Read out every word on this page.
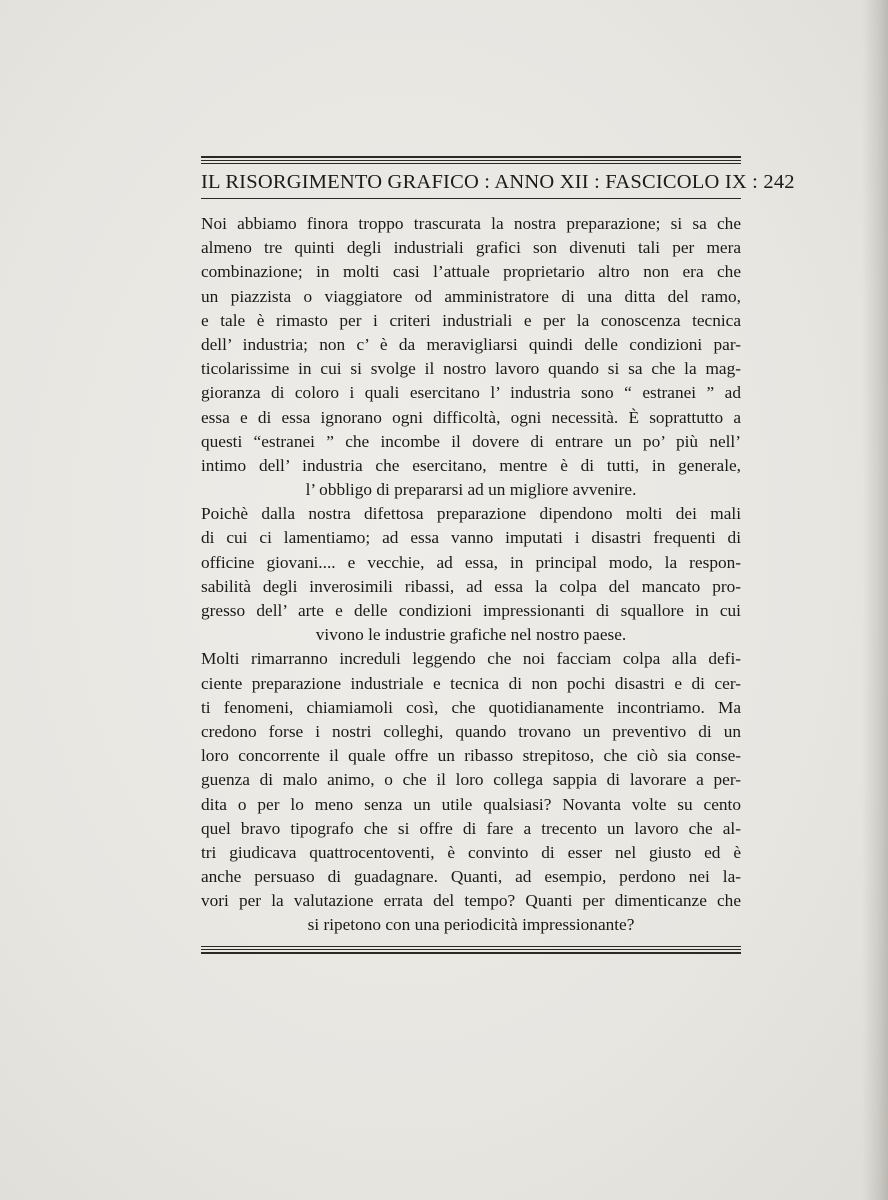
IL RISORGIMENTO GRAFICO : ANNO XII : FASCICOLO IX : 242
Noi abbiamo finora troppo trascurata la nostra preparazione; si sa che
almeno tre quinti degli industriali grafici son divenuti tali per mera
combinazione; in molti casi l’attuale proprietario altro non era che
un piazzista o viaggiatore od amministratore di una ditta del ramo,
e tale è rimasto per i criteri industriali e per la conoscenza tecnica
dell’ industria; non c’ è da meravigliarsi quindi delle condizioni par-
ticolarissime in cui si svolge il nostro lavoro quando si sa che la mag-
gioranza di coloro i quali esercitano l’ industria sono “ estranei ” ad
essa e di essa ignorano ogni difficoltà, ogni necessità. È soprattutto a
questi “estranei ” che incombe il dovere di entrare un po’ più nell’
intimo dell’ industria che esercitano, mentre è di tutti, in generale,
l’ obbligo di prepararsi ad un migliore avvenire.
Poichè dalla nostra difettosa preparazione dipendono molti dei mali
di cui ci lamentiamo; ad essa vanno imputati i disastri frequenti di
officine giovani.... e vecchie, ad essa, in principal modo, la respon-
sabilità degli inverosimili ribassi, ad essa la colpa del mancato pro-
gresso dell’ arte e delle condizioni impressionanti di squallore in cui
vivono le industrie grafiche nel nostro paese.
Molti rimarranno increduli leggendo che noi facciam colpa alla defi-
ciente preparazione industriale e tecnica di non pochi disastri e di cer-
ti fenomeni, chiamiamoli così, che quotidianamente incontriamo. Ma
credono forse i nostri colleghi, quando trovano un preventivo di un
loro concorrente il quale offre un ribasso strepitoso, che ciò sia conse-
guenza di malo animo, o che il loro collega sappia di lavorare a per-
dita o per lo meno senza un utile qualsiasi? Novanta volte su cento
quel bravo tipografo che si offre di fare a trecento un lavoro che al-
tri giudicava quattrocentoventi, è convinto di esser nel giusto ed è
anche persuaso di guadagnare. Quanti, ad esempio, perdono nei la-
vori per la valutazione errata del tempo? Quanti per dimenticanze che
si ripetono con una periodicità impressionante?
